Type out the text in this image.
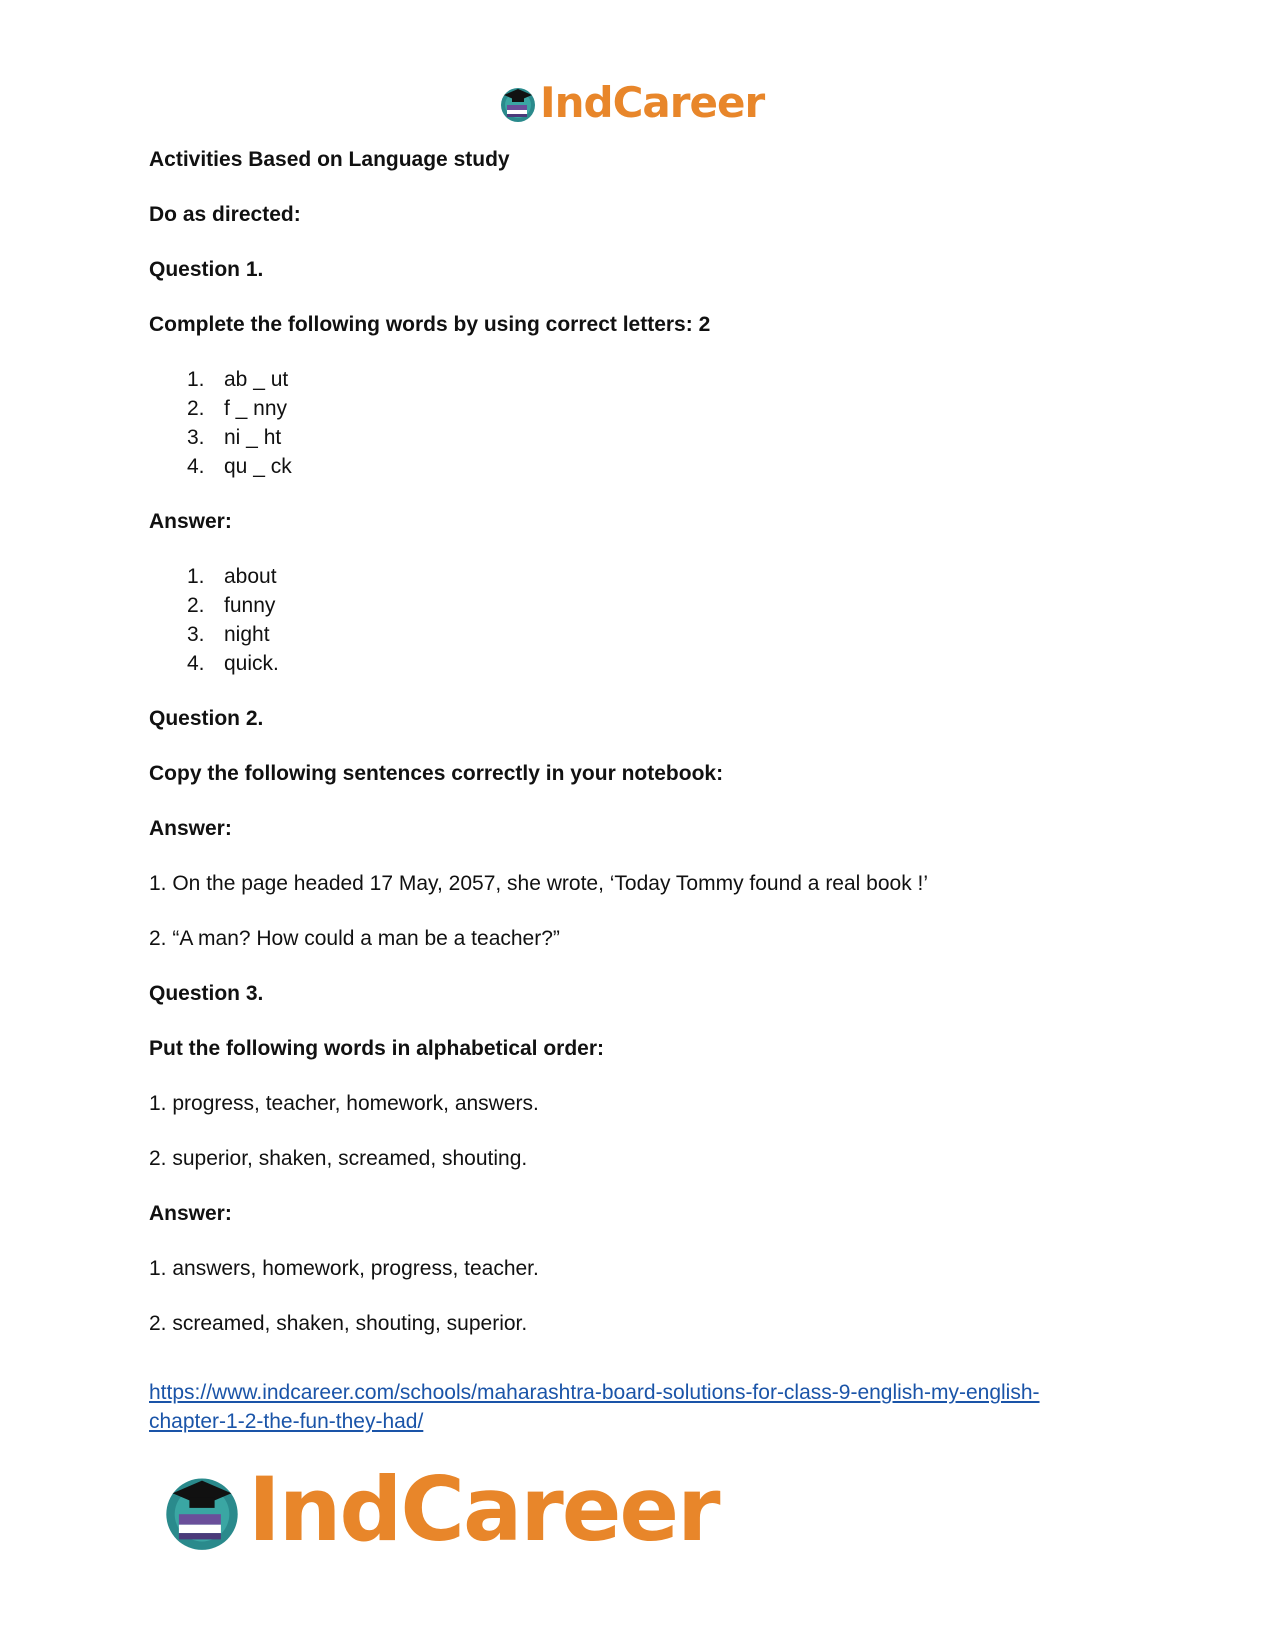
IndCareer

Activities Based on Language study

Do as directed:

Question 1.

Complete the following words by using correct letters: 2

1. ab _ ut
2. f _ nny
3. ni _ ht
4. qu _ ck

Answer:

1. about
2. funny
3. night
4. quick.

Question 2.

Copy the following sentences correctly in your notebook:

Answer:

1. On the page headed 17 May, 2057, she wrote, ‘Today Tommy found a real book !’

2. “A man? How could a man be a teacher?”

Question 3.

Put the following words in alphabetical order:

1. progress, teacher, homework, answers.

2. superior, shaken, screamed, shouting.

Answer:

1. answers, homework, progress, teacher.

2. screamed, shaken, shouting, superior.

https://www.indcareer.com/schools/maharashtra-board-solutions-for-class-9-english-my-english-
chapter-1-2-the-fun-they-had/
IndCareer
